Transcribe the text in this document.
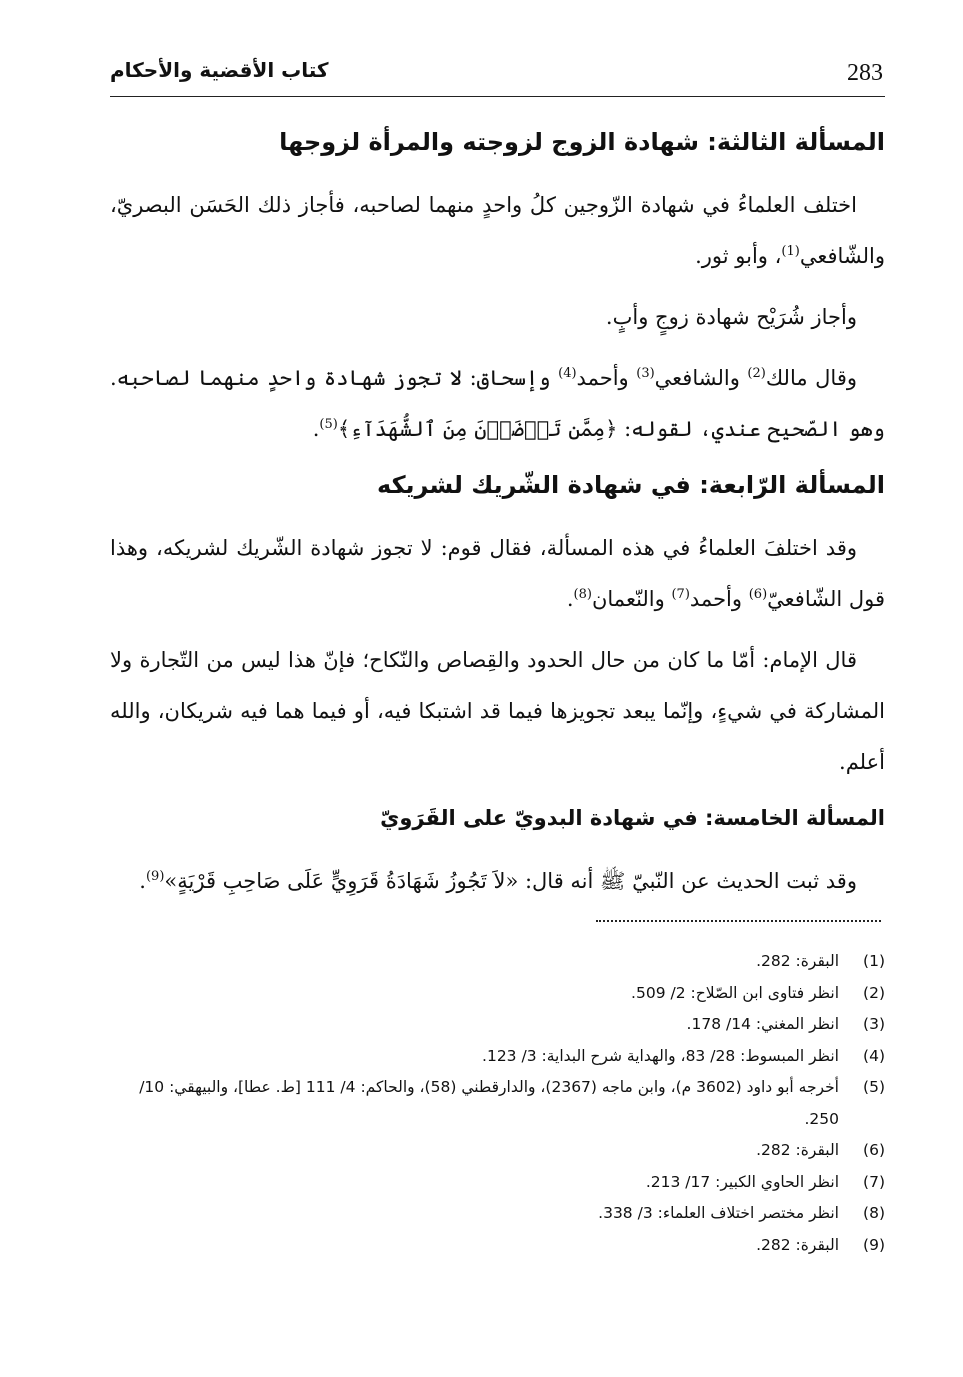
283
كتاب الأقضية والأحكام
المسألة الثالثة: شهادة الزوج لزوجته والمرأة لزوجها

اختلف العلماءُ في شهادة الزّوجين كلُ واحدٍ منهما لصاحبه، فأجاز ذلك الحَسَن البصريّ، والشّافعي$^{(1)}$، وأبو ثور.

وأجاز شُرَيْح شهادة زوجٍ وأبٍ.

وقال مالك$^{(2)}$ والشافعي$^{(3)}$ وأحمد$^{(4)}$ وإسحاق: لا تجوز شهادة واحدٍ منهما لصاحبه. وهو الصّحيح عندي، لقوله: ﴿مِمَّن تَرۡضَوۡنَ مِنَ ٱلشُّهَدَآءِ﴾$^{(5)}$.

المسألة الرّابعة: في شهادة الشّريك لشريكه

وقد اختلفَ العلماءُ في هذه المسألة، فقال قوم: لا تجوز شهادة الشّريك لشريكه، وهذا قول الشّافعيّ$^{(6)}$ وأحمد$^{(7)}$ والنّعمان$^{(8)}$.

قال الإمام: أمّا ما كان من حال الحدود والقِصاص والنّكاح؛ فإنّ هذا ليس من التّجارة ولا المشاركة في شيءٍ، وإنّما يبعد تجويزها فيما قد اشتبكا فيه، أو فيما هما فيه شريكان، والله أعلم.

المسألة الخامسة: في شهادة البدويّ على القَرَويّ

وقد ثبت الحديث عن النّبيّ ﷺ أنه قال: «لاَ تَجُوزُ شَهَادَةُ قَرَوِيٍّ عَلَى صَاحِبِ قَرْيَةٍ»$^{(9)}$.

(1)
البقرة: 282.
(2)
انظر فتاوى ابن الصّلاح: 2/ 509.
(3)
انظر المغني: 14/ 178.
(4)
انظر المبسوط: 28/ 83، والهداية شرح البداية: 3/ 123.
(5)
أخرجه أبو داود (3602 م)، وابن ماجه (2367)، والدارقطني (58)، والحاكم: 4/ 111 [ط. عطا]، والبيهقي: 10/ 250.
(6)
البقرة: 282.
(7)
انظر الحاوي الكبير: 17/ 213.
(8)
انظر مختصر اختلاف العلماء: 3/ 338.
(9)
البقرة: 282.
